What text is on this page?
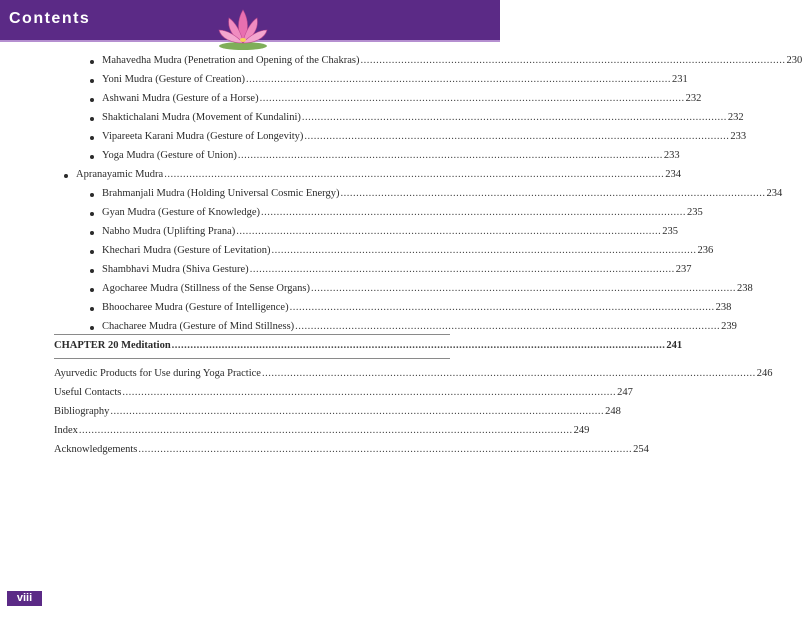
Contents
Mahavedha Mudra (Penetration and Opening of the Chakras) ........................................................................................................................................ 230
Yoni Mudra (Gesture of Creation) ........................................................................................................................................ 231
Ashwani Mudra (Gesture of a Horse) ........................................................................................................................................ 232
Shaktichalani Mudra (Movement of Kundalini) ........................................................................................................................................ 232
Vipareeta Karani Mudra (Gesture of Longevity) ........................................................................................................................................ 233
Yoga Mudra (Gesture of Union) ........................................................................................................................................ 233
Apranayamic Mudra ................................................................................................................................................................ 234
Brahmanjali Mudra (Holding Universal Cosmic Energy) ........................................................................................................................................ 234
Gyan Mudra (Gesture of Knowledge) ........................................................................................................................................ 235
Nabho Mudra (Uplifting Prana) ........................................................................................................................................ 235
Khechari Mudra (Gesture of Levitation) ........................................................................................................................................ 236
Shambhavi Mudra (Shiva Gesture) ........................................................................................................................................ 237
Agocharee Mudra (Stillness of the Sense Organs) ........................................................................................................................................ 238
Bhoocharee Mudra (Gesture of Intelligence) ........................................................................................................................................ 238
Chacharee Mudra (Gesture of Mind Stillness) ........................................................................................................................................ 239
CHAPTER 20 Meditation .............................................................................................................................................................. 241
Ayurvedic Products for Use during Yoga Practice .............................................................................................................................................................. 246
Useful Contacts .............................................................................................................................................................. 247
Bibliography .............................................................................................................................................................. 248
Index .............................................................................................................................................................. 249
Acknowledgements .............................................................................................................................................................. 254
viii
